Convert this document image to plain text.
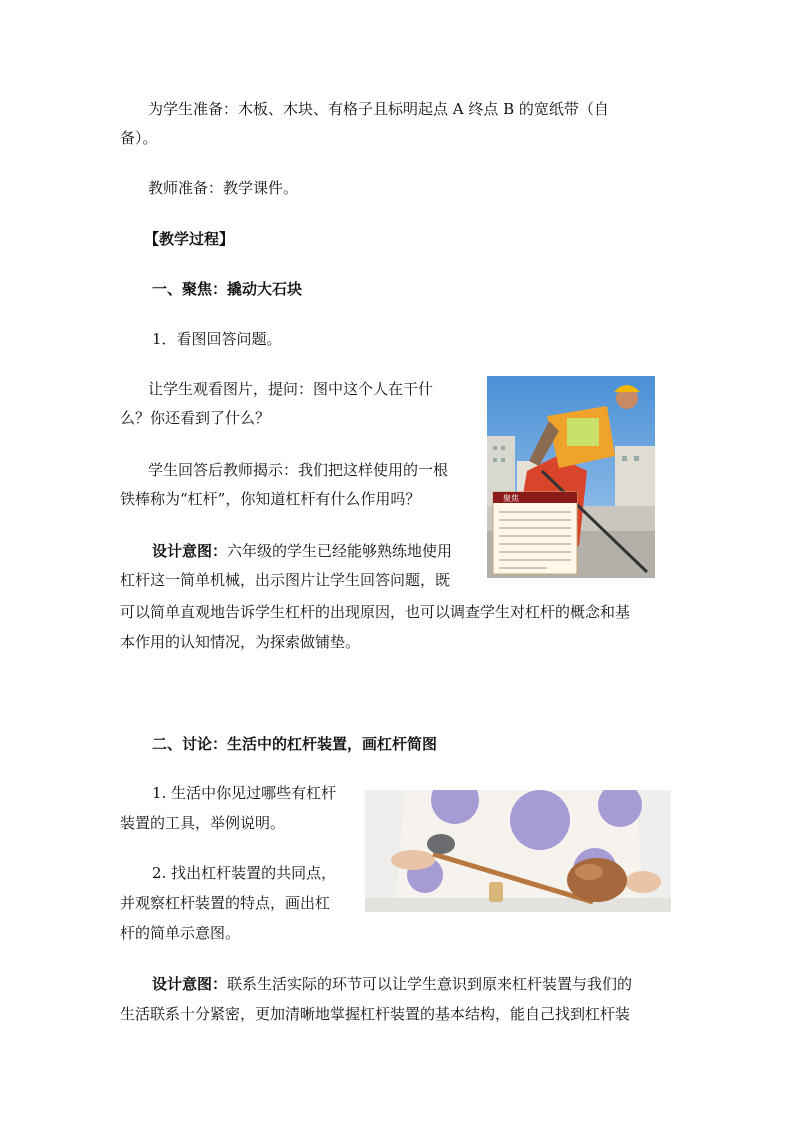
为学生准备：木板、木块、有格子且标明起点 A 终点 B 的宽纸带（自
备）。
教师准备：教学课件。
【教学过程】
一、聚焦：撬动大石块
1．看图回答问题。
让学生观看图片，提问：图中这个人在干什
么？你还看到了什么？
学生回答后教师揭示：我们把这样使用的一根
铁棒称为“杠杆”，你知道杠杆有什么作用吗？
设计意图：六年级的学生已经能够熟练地使用
杠杆这一简单机械，出示图片让学生回答问题，既
可以简单直观地告诉学生杠杆的出现原因，也可以调查学生对杠杆的概念和基
本作用的认知情况，为探索做铺垫。
聚焦
二、讨论：生活中的杠杆装置，画杠杆简图
1. 生活中你见过哪些有杠杆
装置的工具，举例说明。
2. 找出杠杆装置的共同点，
并观察杠杆装置的特点，画出杠
杆的简单示意图。
设计意图：联系生活实际的环节可以让学生意识到原来杠杆装置与我们的
生活联系十分紧密，更加清晰地掌握杠杆装置的基本结构，能自己找到杠杆装
